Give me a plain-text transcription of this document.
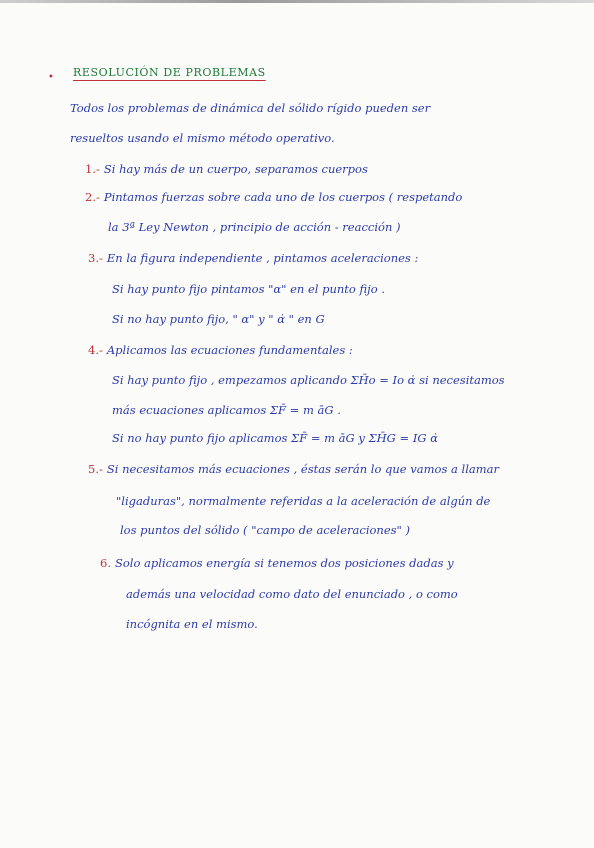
• RESOLUCIÓN DE PROBLEMAS
Todos los problemas de dinámica del sólido rígido pueden ser
resueltos usando el mismo método operativo.
1.- Si hay más de un cuerpo, separamos cuerpos
2.- Pintamos fuerzas sobre cada uno de los cuerpos ( respetando
la 3ª Ley Newton , principio de acción - reacción )
3.- En la figura independiente , pintamos aceleraciones :
Si hay punto fijo pintamos "α" en el punto fijo .
Si no hay punto fijo, " α" y " α̇ " en G
4.- Aplicamos las ecuaciones fundamentales :
Si hay punto fijo , empezamos aplicando ΣH̄o = Io α̇ si necesitamos
más ecuaciones aplicamos ΣF̄ = m āG .
Si no hay punto fijo aplicamos ΣF̄ = m āG y ΣH̄G = IG α̇
5.- Si necesitamos más ecuaciones , éstas serán lo que vamos a llamar
"ligaduras", normalmente referidas a la aceleración de algún de
los puntos del sólido ( "campo de aceleraciones" )
6. Solo aplicamos energía si tenemos dos posiciones dadas y
además una velocidad como dato del enunciado , o como
incógnita en el mismo.
